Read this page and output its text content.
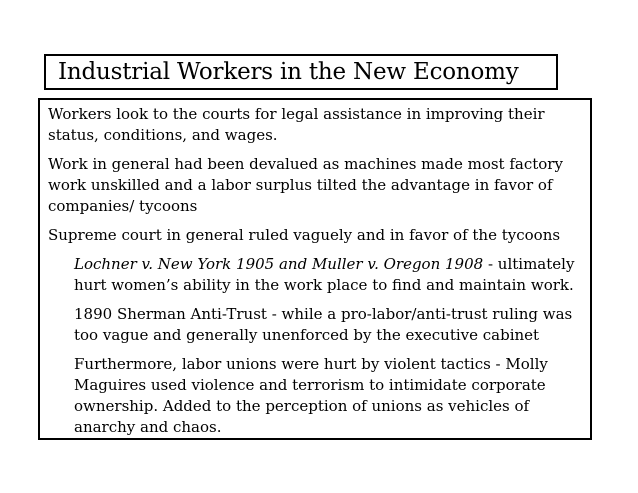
Industrial Workers in the New Economy

Workers look to the courts for legal assistance in improving their status, conditions, and wages.

Work in general had been devalued as machines made most factory work unskilled and a labor surplus tilted the advantage in favor of companies/ tycoons

Supreme court in general ruled vaguely and in favor of the tycoons

Lochner v. New York 1905 and Muller v. Oregon 1908 - ultimately hurt women’s ability in the work place to find and maintain work.

1890 Sherman Anti-Trust - while a pro-labor/anti-trust ruling was too vague and generally unenforced by the executive cabinet

Furthermore, labor unions were hurt by violent tactics - Molly Maguires used violence and terrorism to intimidate corporate ownership. Added to the perception of unions as vehicles of anarchy and chaos.
